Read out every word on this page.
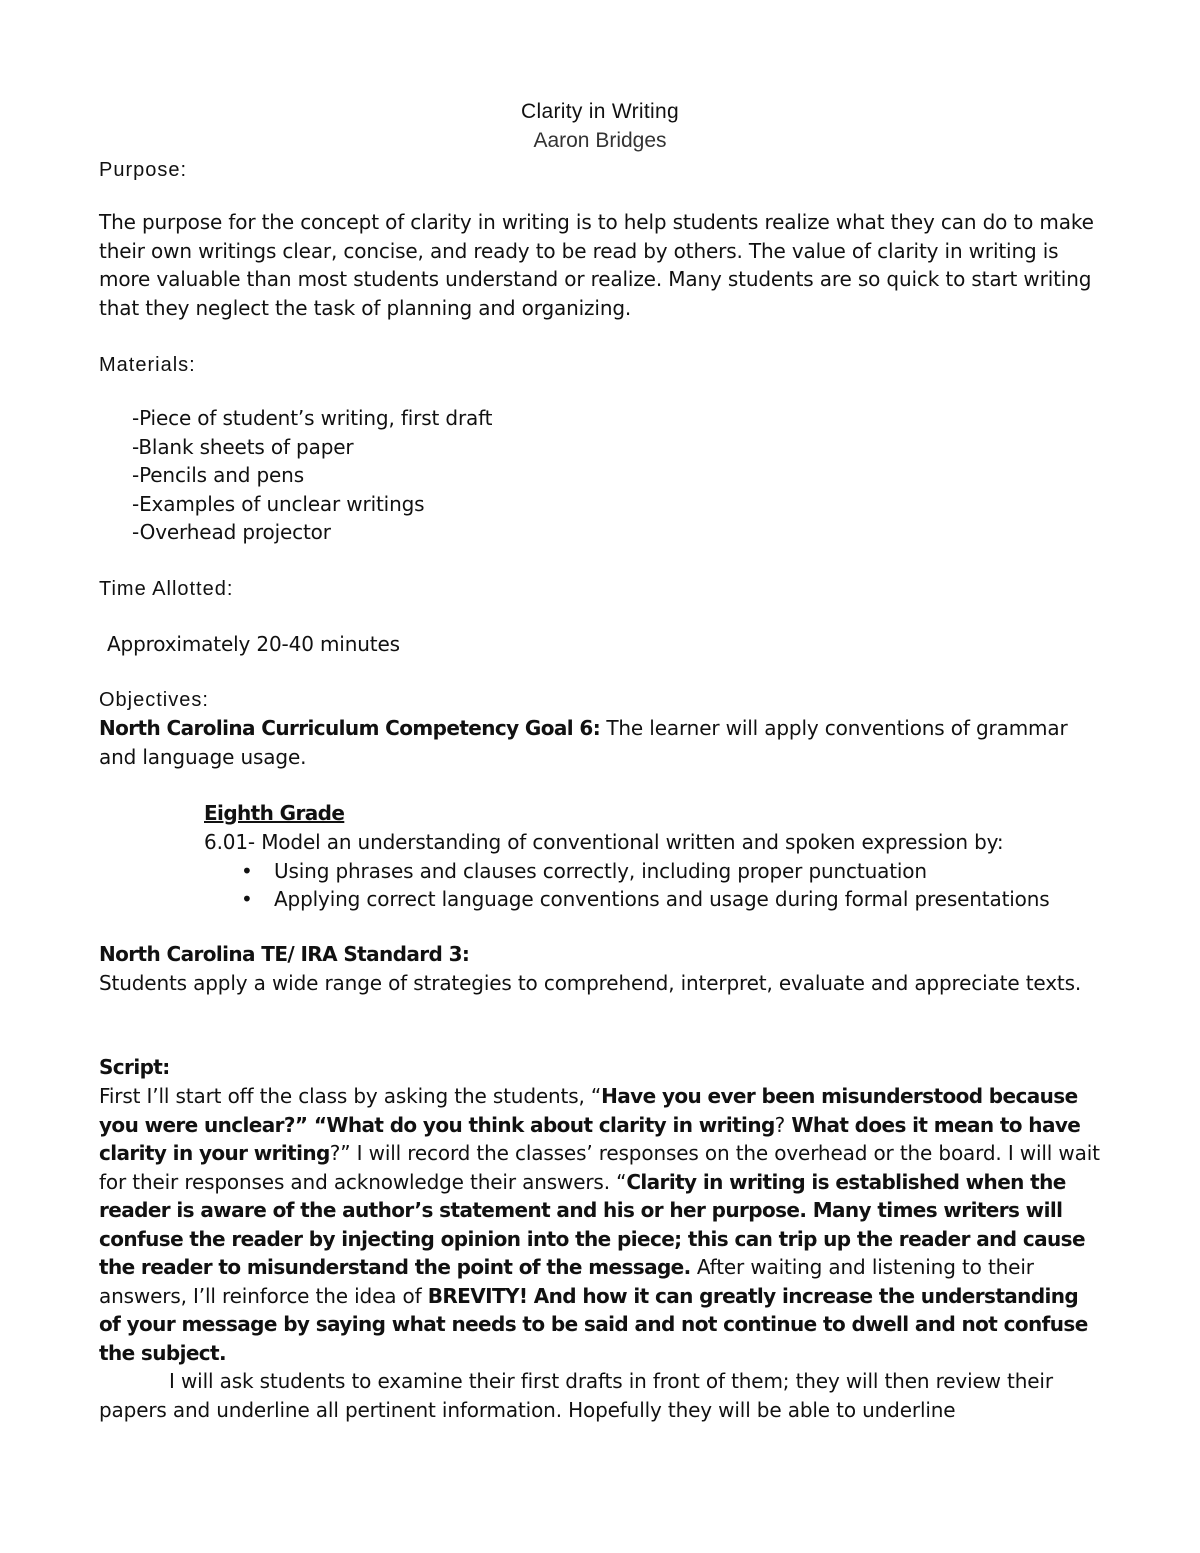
Clarity in Writing
Aaron Bridges
Purpose:
The purpose for the concept of clarity in writing is to help students realize what they can do to make their own writings clear, concise, and ready to be read by others. The value of clarity in writing is more valuable than most students understand or realize. Many students are so quick to start writing that they neglect the task of planning and organizing.
Materials:
-Piece of student’s writing, first draft
-Blank sheets of paper
-Pencils and pens
-Examples of unclear writings
-Overhead projector
Time Allotted:
Approximately 20-40 minutes
Objectives:
North Carolina Curriculum Competency Goal 6: The learner will apply conventions of grammar and language usage.
Eighth Grade
6.01- Model an understanding of conventional written and spoken expression by:
• Using phrases and clauses correctly, including proper punctuation
• Applying correct language conventions and usage during formal presentations
North Carolina TE/ IRA Standard 3:
Students apply a wide range of strategies to comprehend, interpret, evaluate and appreciate texts.
Script:

First I’ll start off the class by asking the students, “Have you ever been misunderstood because you were unclear?” “What do you think about clarity in writing? What does it mean to have clarity in your writing?” I will record the classes’ responses on the overhead or the board. I will wait for their responses and acknowledge their answers. “Clarity in writing is established when the reader is aware of the author’s statement and his or her purpose. Many times writers will confuse the reader by injecting opinion into the piece; this can trip up the reader and cause the reader to misunderstand the point of the message. After waiting and listening to their answers, I’ll reinforce the idea of BREVITY! And how it can greatly increase the understanding of your message by saying what needs to be said and not continue to dwell and not confuse the subject.

I will ask students to examine their first drafts in front of them; they will then review their papers and underline all pertinent information. Hopefully they will be able to underline
